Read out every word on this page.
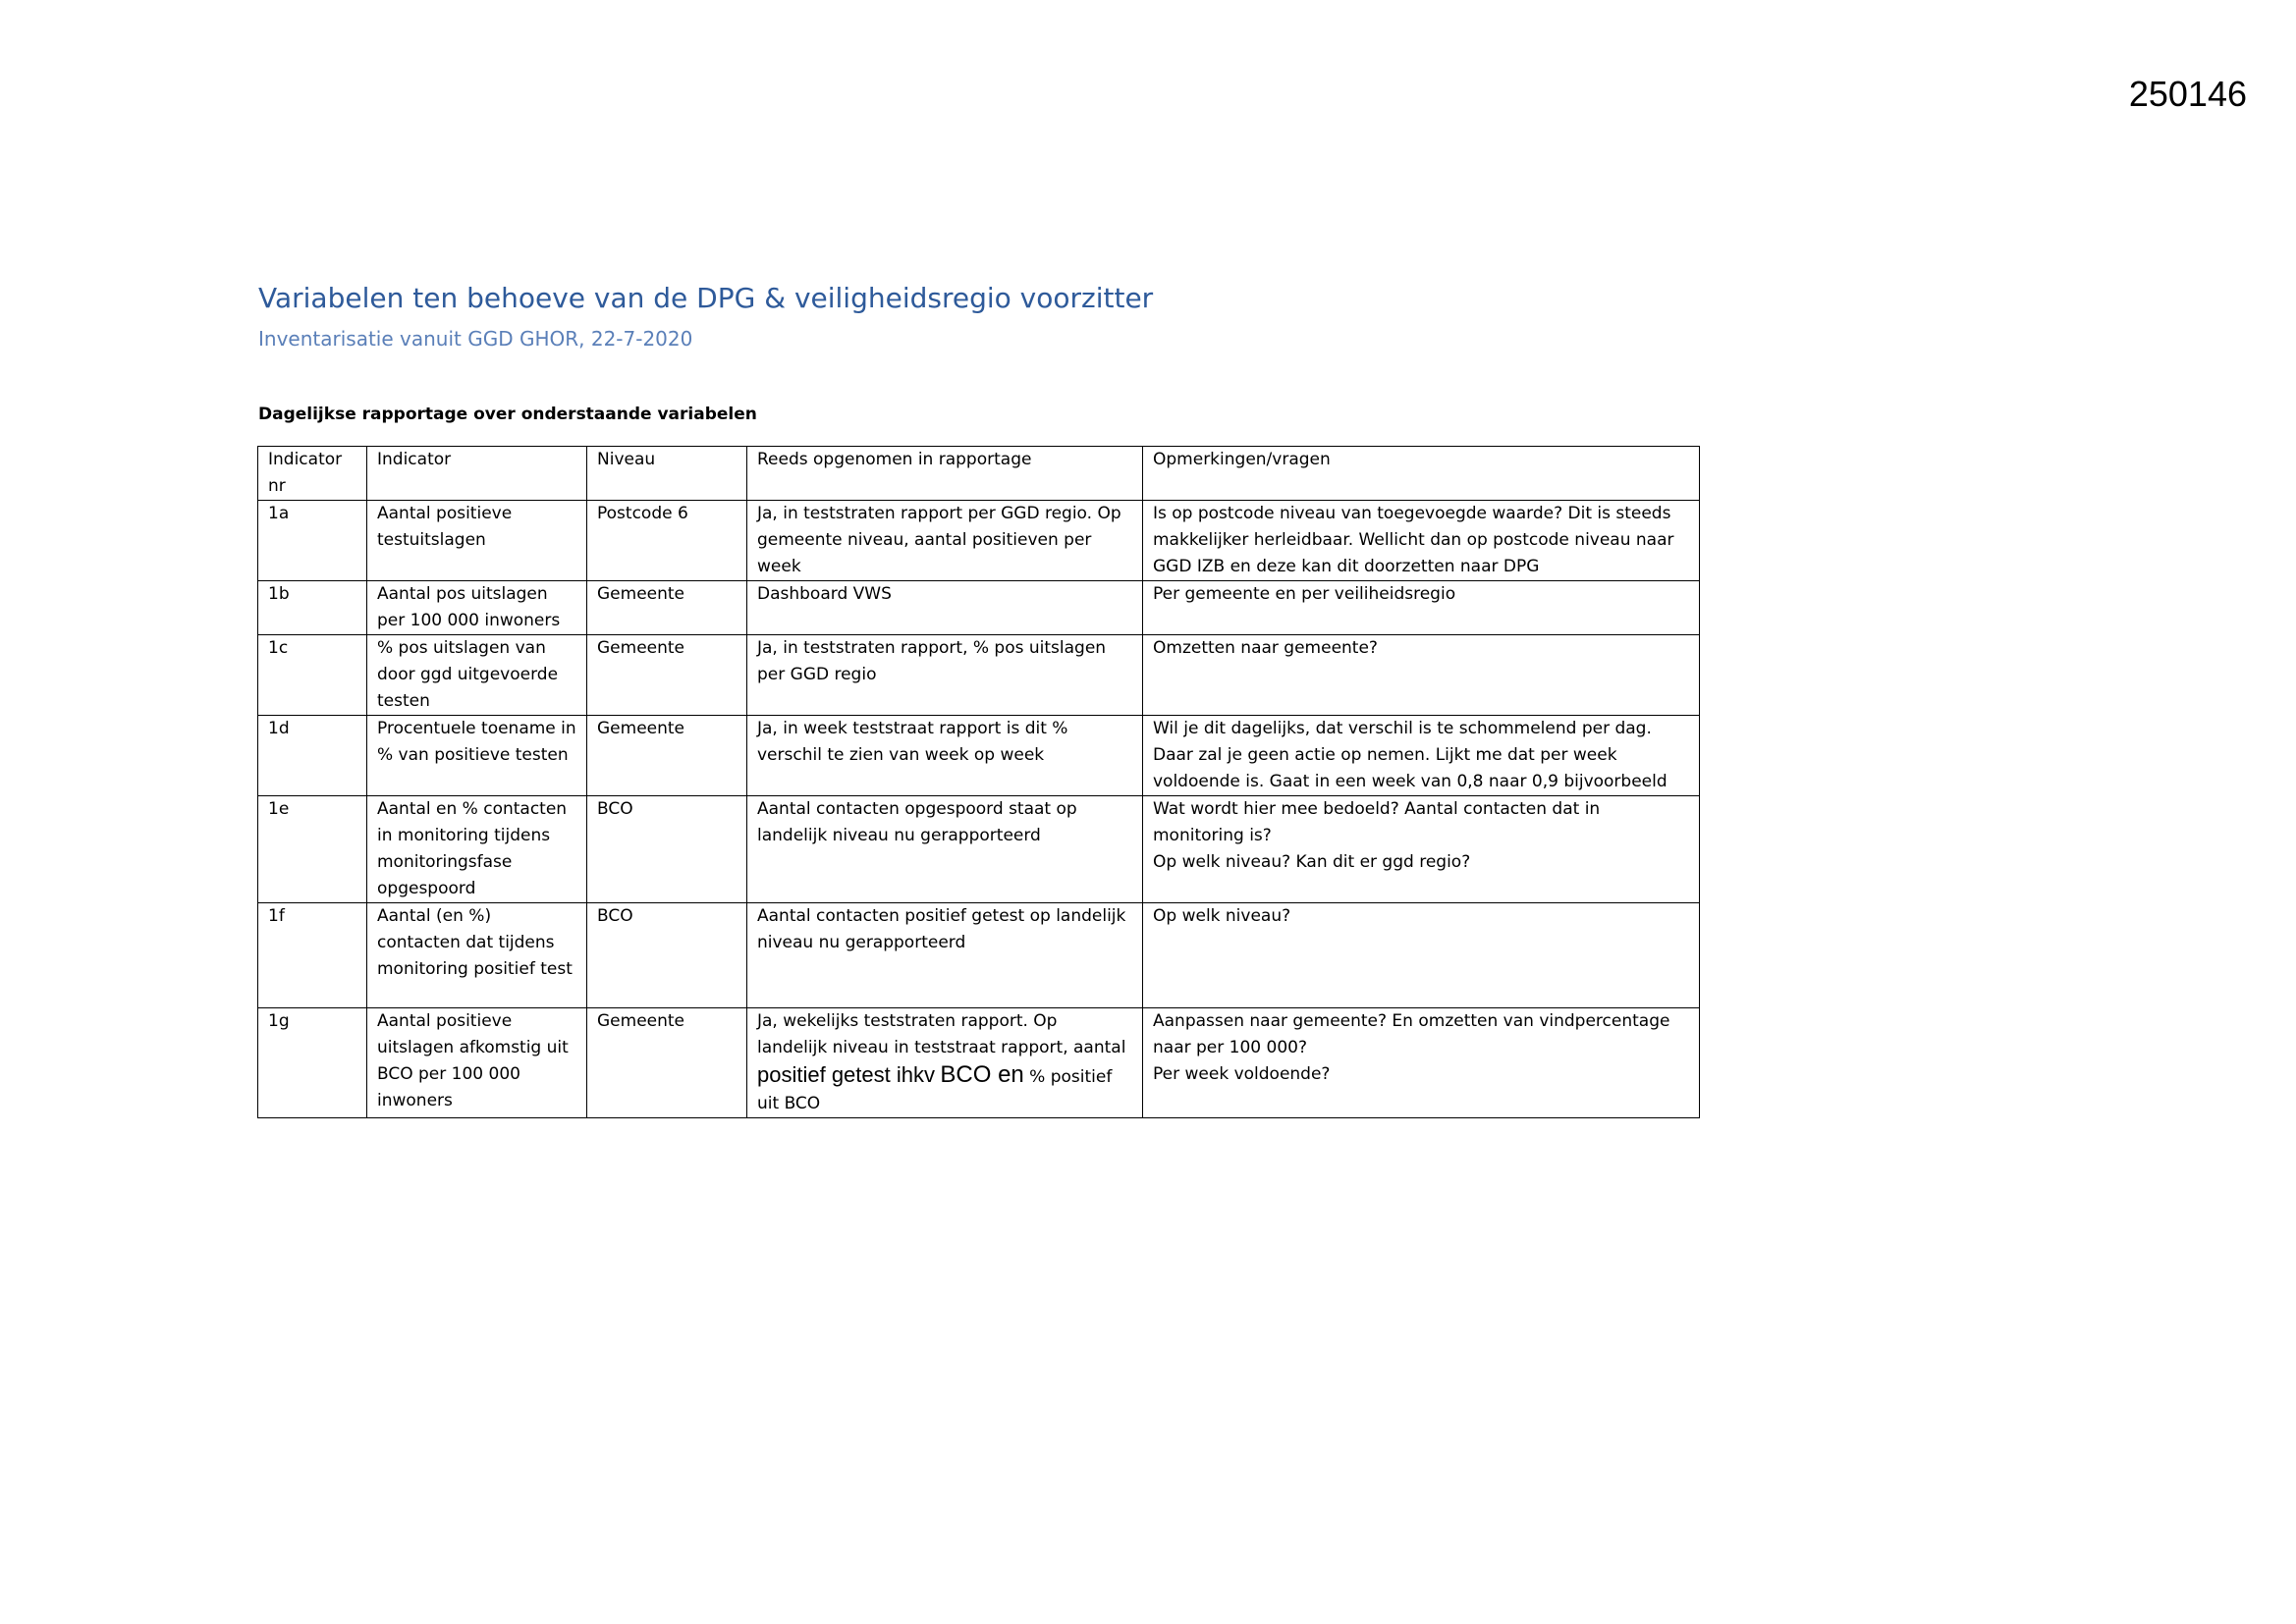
250146
Variabelen ten behoeve van de DPG & veiligheidsregio voorzitter

Inventarisatie vanuit GGD GHOR, 22-7-2020

Dagelijkse rapportage over onderstaande variabelen

Indicator nr	Indicator	Niveau	Reeds opgenomen in rapportage	Opmerkingen/vragen
1a	Aantal positieve testuitslagen	Postcode 6	Ja, in teststraten rapport per GGD regio. Op gemeente niveau, aantal positieven per week	Is op postcode niveau van toegevoegde waarde? Dit is steeds makkelijker herleidbaar. Wellicht dan op postcode niveau naar GGD IZB en deze kan dit doorzetten naar DPG
1b	Aantal pos uitslagen per 100 000 inwoners	Gemeente	Dashboard VWS	Per gemeente en per veiliheidsregio
1c	% pos uitslagen van door ggd uitgevoerde testen	Gemeente	Ja, in teststraten rapport, % pos uitslagen per GGD regio	Omzetten naar gemeente?
1d	Procentuele toename in % van positieve testen	Gemeente	Ja, in week teststraat rapport is dit % verschil te zien van week op week	Wil je dit dagelijks, dat verschil is te schommelend per dag. Daar zal je geen actie op nemen. Lijkt me dat per week voldoende is. Gaat in een week van 0,8 naar 0,9 bijvoorbeeld
1e	Aantal en % contacten in monitoring tijdens monitoringsfase opgespoord	BCO	Aantal contacten opgespoord staat op landelijk niveau nu gerapporteerd	Wat wordt hier mee bedoeld? Aantal contacten dat in monitoring is?
Op welk niveau? Kan dit er ggd regio?

1f	Aantal (en %) contacten dat tijdens monitoring positief test	BCO	Aantal contacten positief getest op landelijk niveau nu gerapporteerd	Op welk niveau?
1g	Aantal positieve uitslagen afkomstig uit BCO per 100 000 inwoners	Gemeente	Ja, wekelijks teststraten rapport. Op landelijk niveau in teststraat rapport, aantal positief getest ihkv BCO en % positief uit BCO	Aanpassen naar gemeente? En omzetten van vindpercentage naar per 100 000?
Per week voldoende?
